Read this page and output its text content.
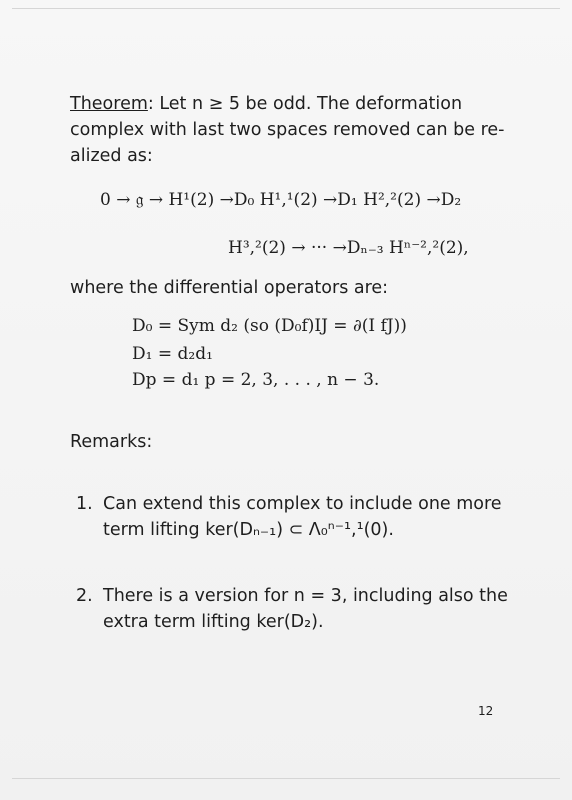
Theorem: Let n ≥ 5 be odd. The deformation
complex with last two spaces removed can be re-
alized as:
0 → 𝔤 → H¹(2) →D₀ H¹,¹(2) →D₁ H²,²(2) →D₂
H³,²(2) → ··· →Dₙ₋₃ Hⁿ⁻²,²(2),
where the differential operators are:
D₀ = Sym d₂ (so (D₀f)IJ = ∂(I fJ))
D₁ = d₂d₁
Dp = d₁ p = 2, 3, . . . , n − 3.
Remarks:
1. Can extend this complex to include one more
term lifting ker(Dₙ₋₁) ⊂ Λ₀ⁿ⁻¹,¹(0).
2. There is a version for n = 3, including also the
extra term lifting ker(D₂).
12
